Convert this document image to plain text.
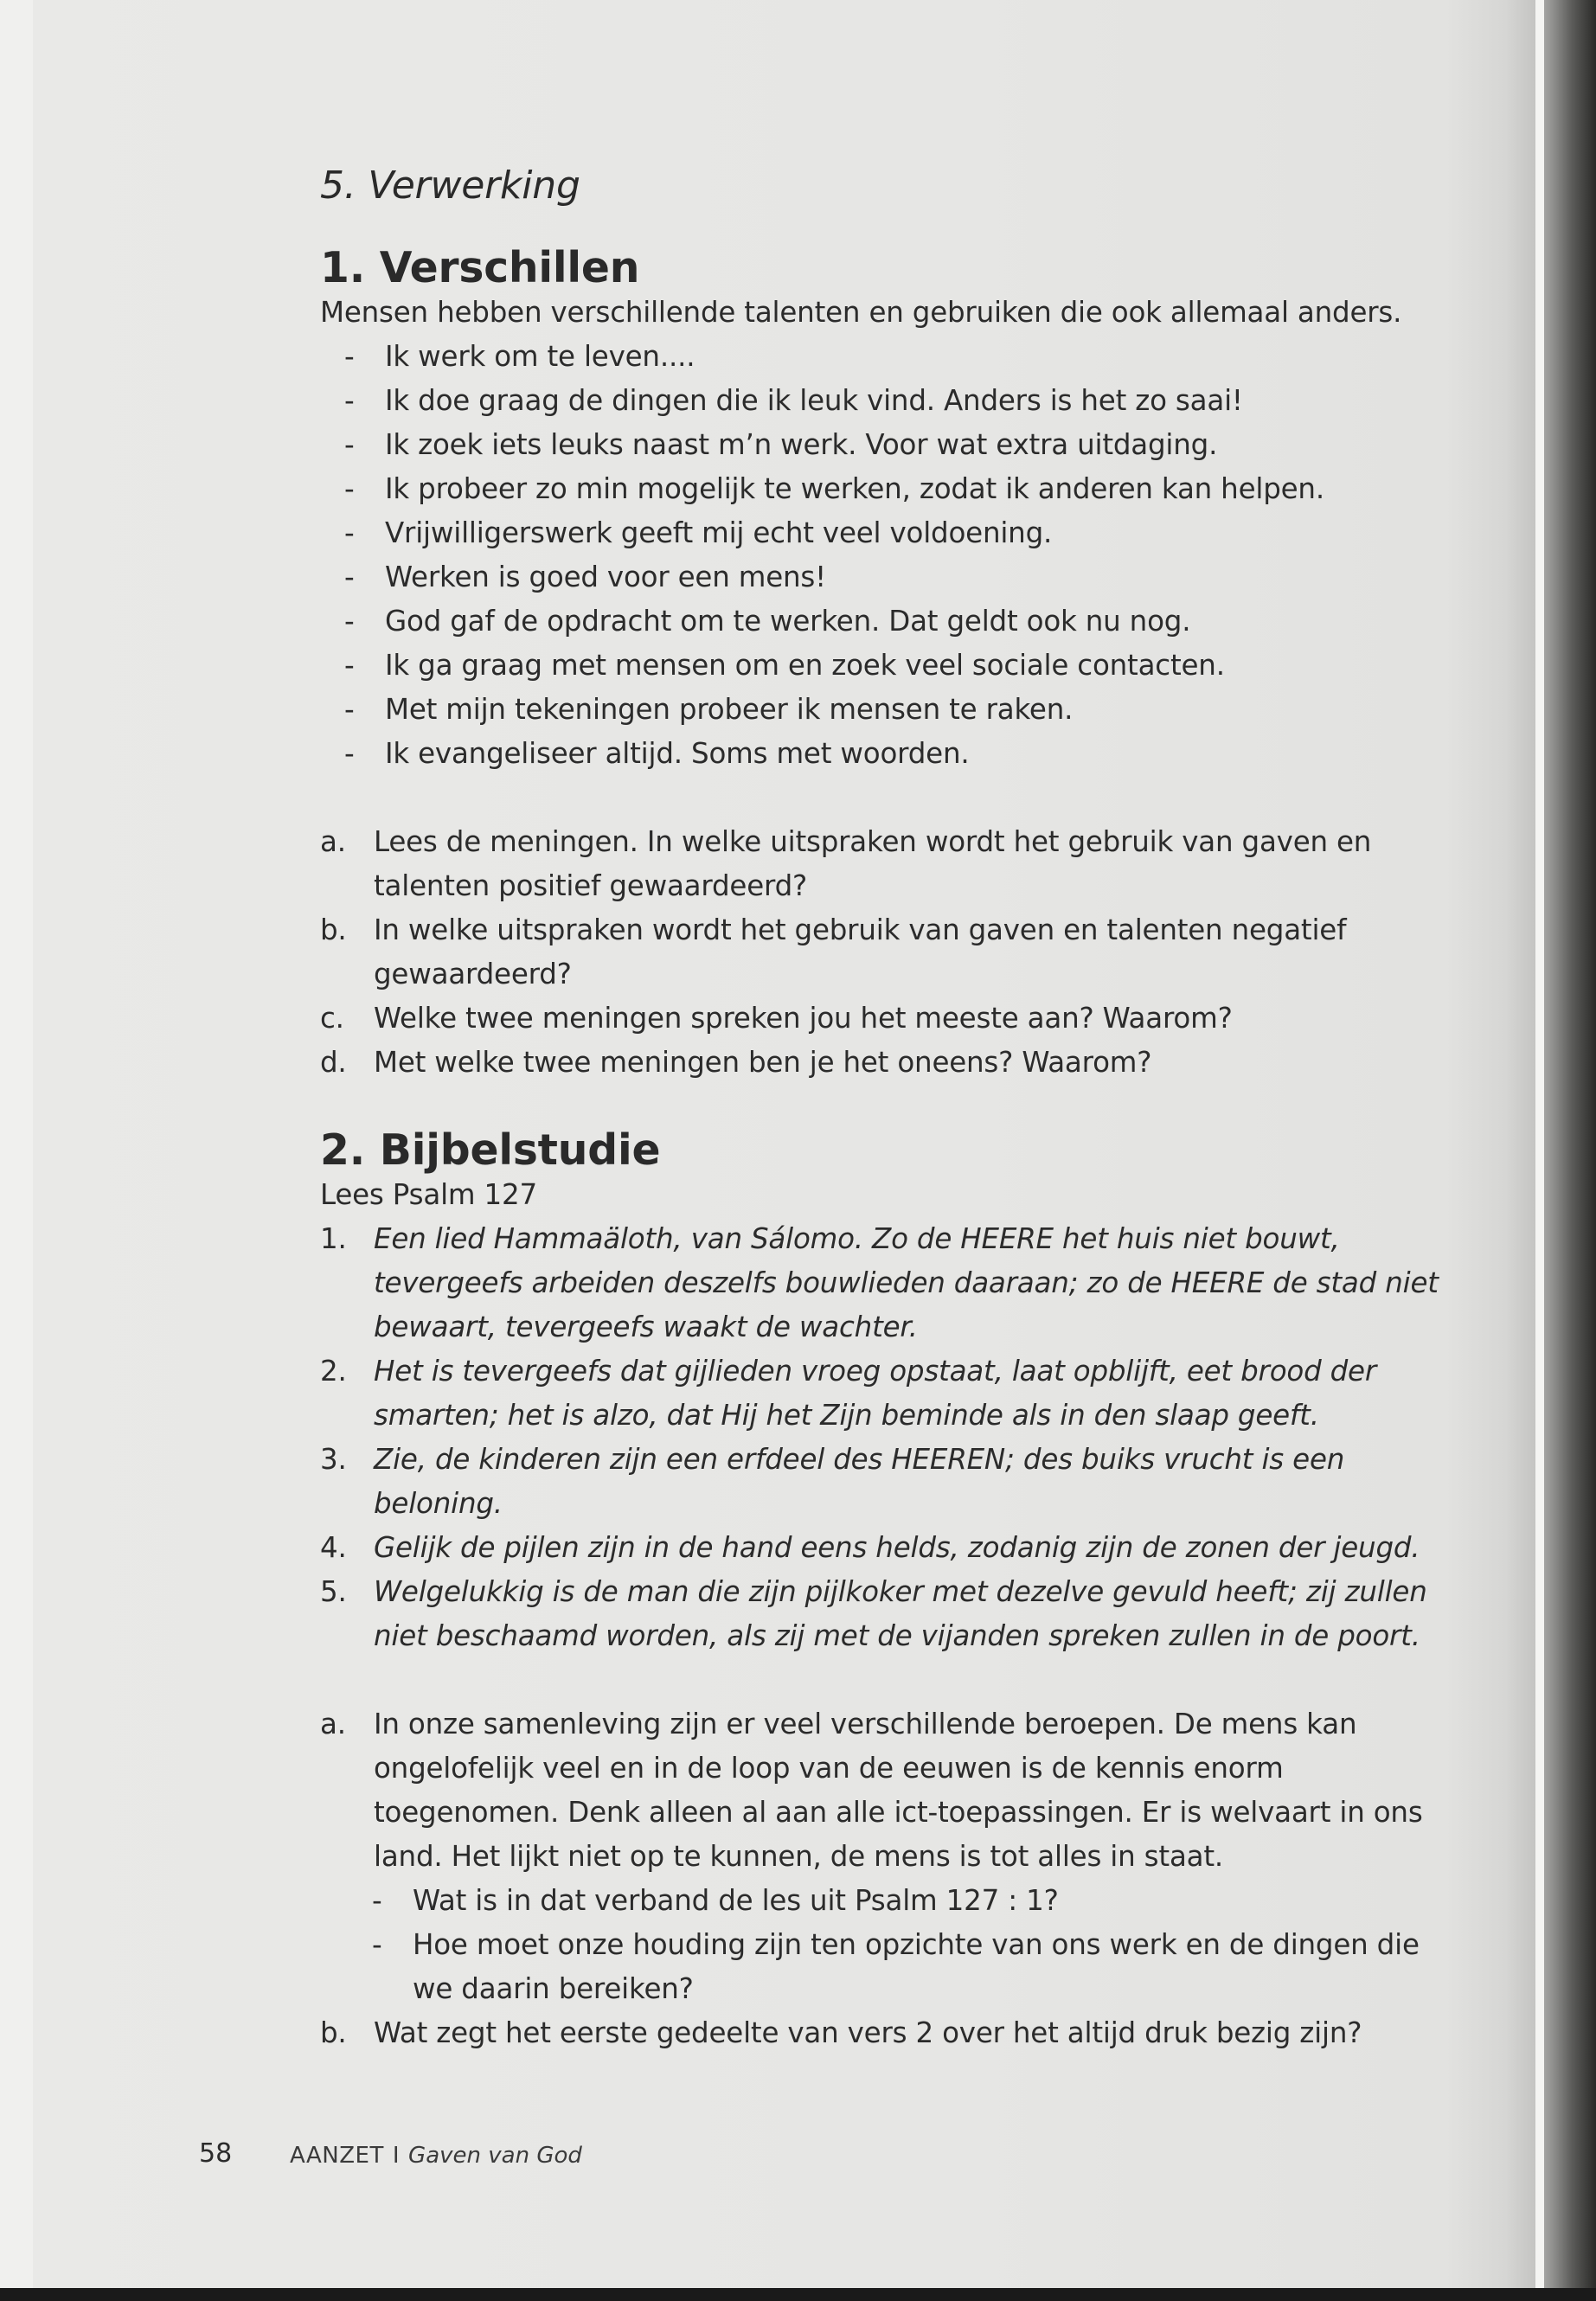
5. Verwerking
1. Verschillen

Mensen hebben verschillende talenten en gebruiken die ook allemaal anders.

- Ik werk om te leven....
- Ik doe graag de dingen die ik leuk vind. Anders is het zo saai!
- Ik zoek iets leuks naast m’n werk. Voor wat extra uitdaging.
- Ik probeer zo min mogelijk te werken, zodat ik anderen kan helpen.
- Vrijwilligerswerk geeft mij echt veel voldoening.
- Werken is goed voor een mens!
- God gaf de opdracht om te werken. Dat geldt ook nu nog.
- Ik ga graag met mensen om en zoek veel sociale contacten.
- Met mijn tekeningen probeer ik mensen te raken.
- Ik evangeliseer altijd. Soms met woorden.
a. Lees de meningen. In welke uitspraken wordt het gebruik van gaven en talenten positief gewaardeerd?
b. In welke uitspraken wordt het gebruik van gaven en talenten negatief gewaardeerd?
c. Welke twee meningen spreken jou het meeste aan? Waarom?
d. Met welke twee meningen ben je het oneens? Waarom?
2. Bijbelstudie

Lees Psalm 127

1. Een lied Hammaäloth, van Sálomo. Zo de HEERE het huis niet bouwt, tevergeefs arbeiden deszelfs bouwlieden daaraan; zo de HEERE de stad niet bewaart, tevergeefs waakt de wachter.
2. Het is tevergeefs dat gijlieden vroeg opstaat, laat opblijft, eet brood der smarten; het is alzo, dat Hij het Zijn beminde als in den slaap geeft.
3. Zie, de kinderen zijn een erfdeel des HEEREN; des buiks vrucht is een beloning.
4. Gelijk de pijlen zijn in de hand eens helds, zodanig zijn de zonen der jeugd.
5. Welgelukkig is de man die zijn pijlkoker met dezelve gevuld heeft; zij zullen niet beschaamd worden, als zij met de vijanden spreken zullen in de poort.
a. In onze samenleving zijn er veel verschillende beroepen. De mens kan ongelofelijk veel en in de loop van de eeuwen is de kennis enorm toegenomen. Denk alleen al aan alle ict-toepassingen. Er is welvaart in ons land. Het lijkt niet op te kunnen, de mens is tot alles in staat.
- Wat is in dat verband de les uit Psalm 127 : 1?
- Hoe moet onze houding zijn ten opzichte van ons werk en de dingen die we daarin bereiken?
b. Wat zegt het eerste gedeelte van vers 2 over het altijd druk bezig zijn?
58	AANZET I Gaven van God
